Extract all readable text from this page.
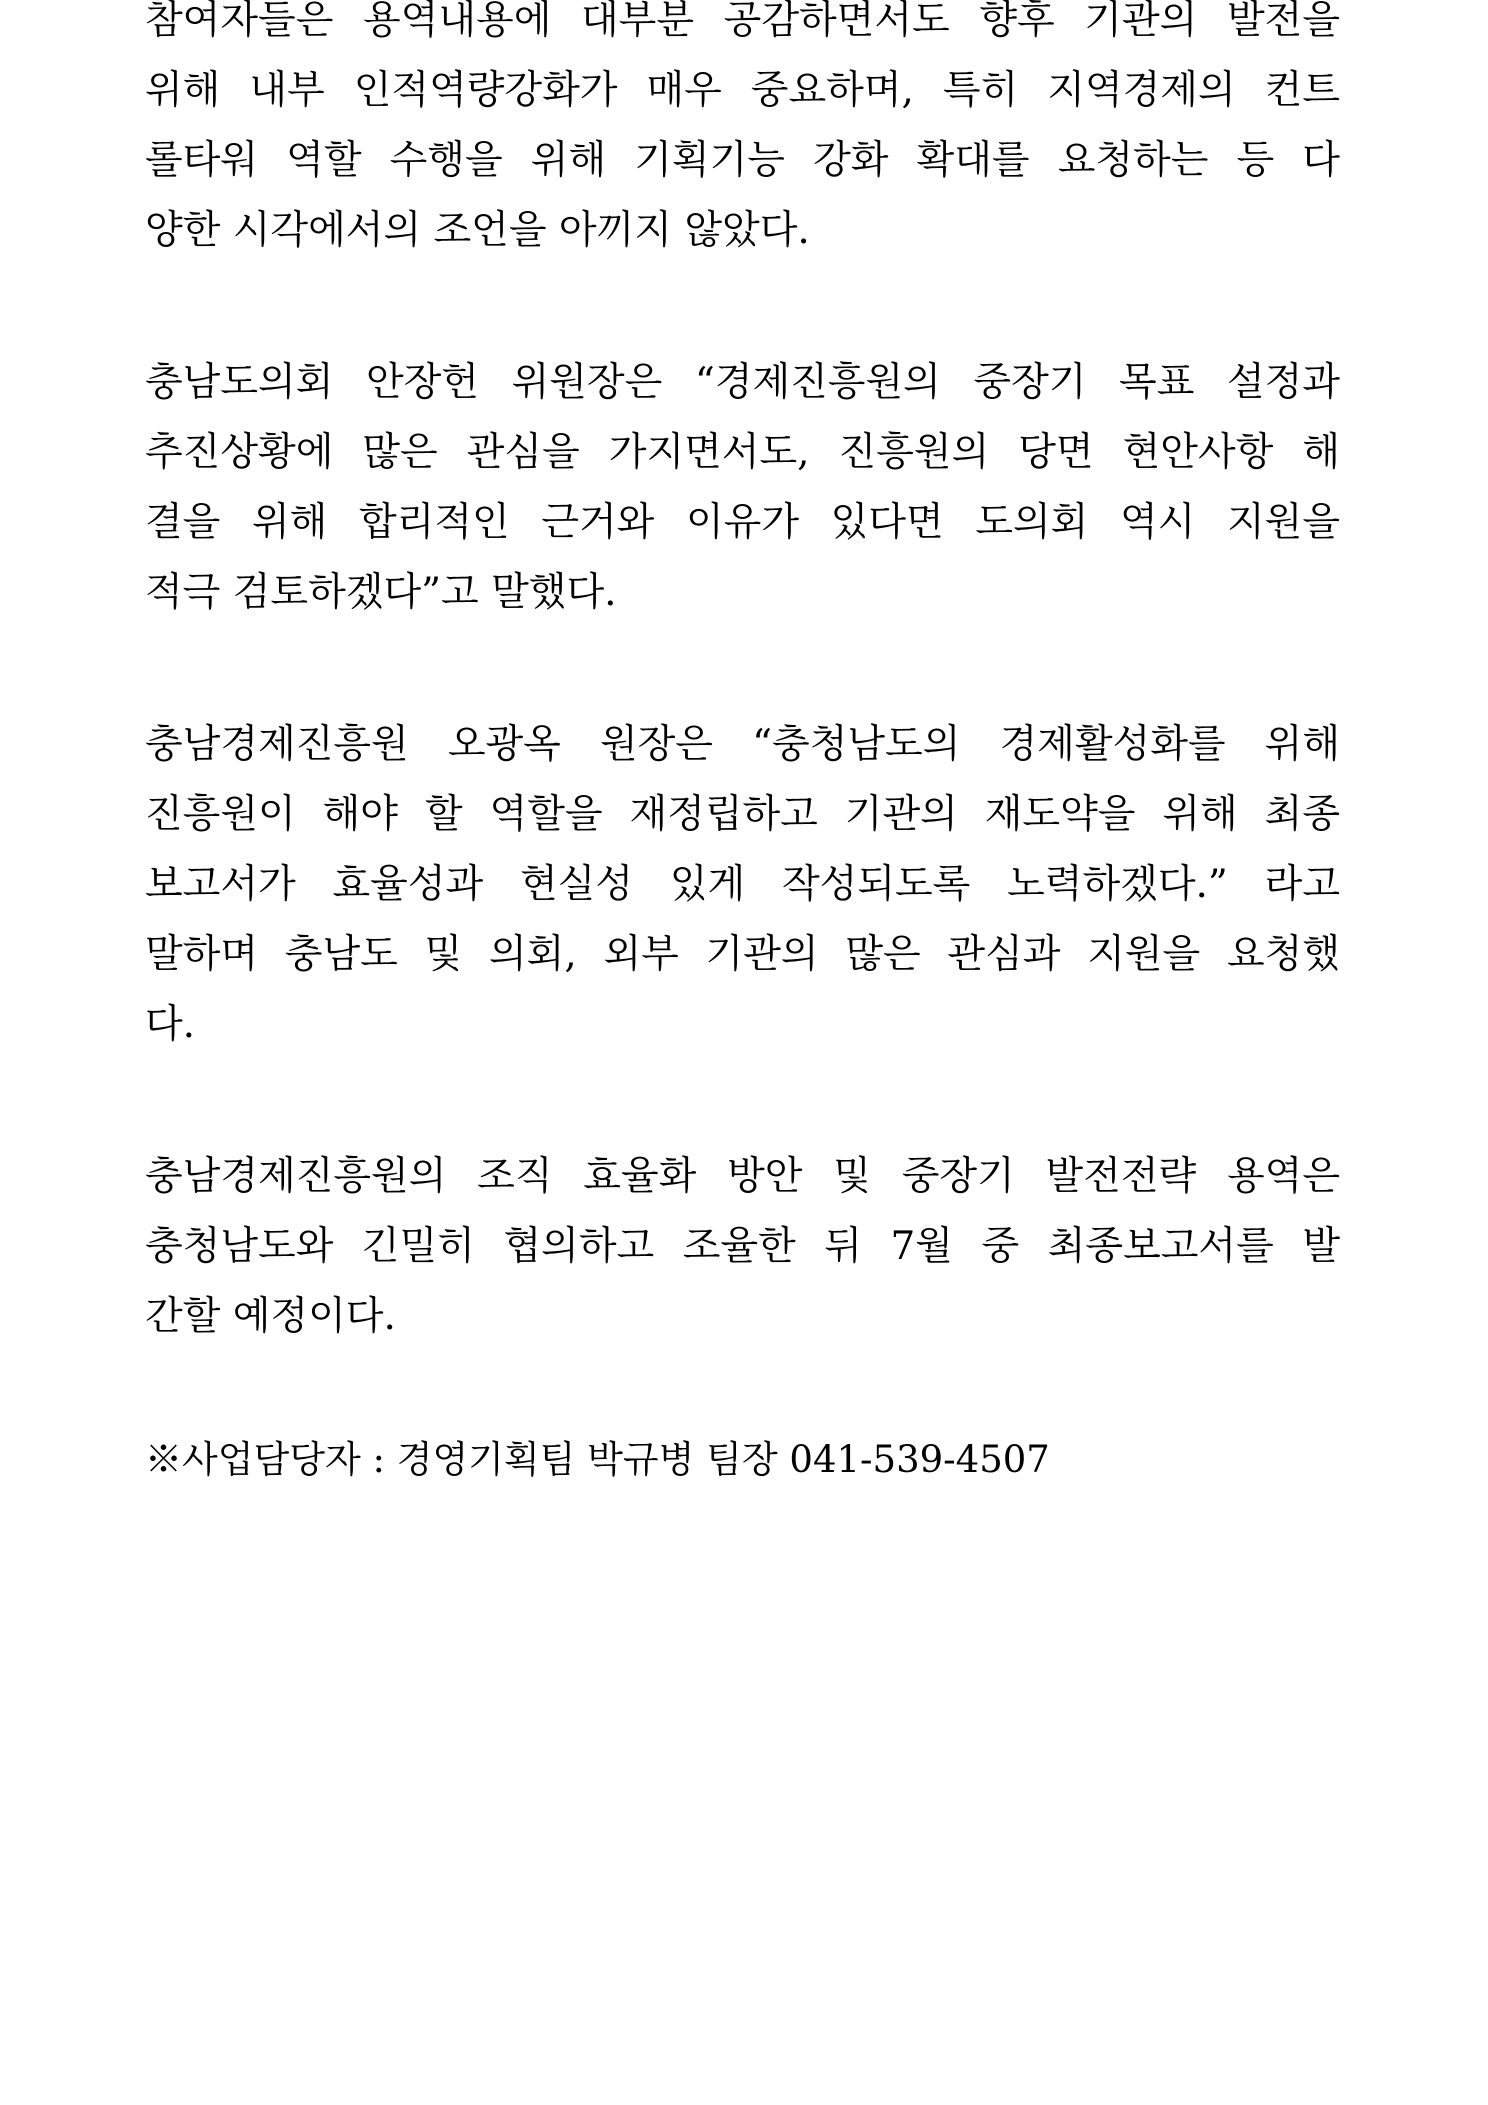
참여자들은 용역내용에 대부분 공감하면서도 향후 기관의 발전을
위해 내부 인적역량강화가 매우 중요하며, 특히 지역경제의 컨트
롤타워 역할 수행을 위해 기획기능 강화 확대를 요청하는 등 다
양한 시각에서의 조언을 아끼지 않았다.
충남도의회 안장헌 위원장은 “경제진흥원의 중장기 목표 설정과
추진상황에 많은 관심을 가지면서도, 진흥원의 당면 현안사항 해
결을 위해 합리적인 근거와 이유가 있다면 도의회 역시 지원을
적극 검토하겠다”고 말했다.
충남경제진흥원 오광옥 원장은 “충청남도의 경제활성화를 위해
진흥원이 해야 할 역할을 재정립하고 기관의 재도약을 위해 최종
보고서가 효율성과 현실성 있게 작성되도록 노력하겠다.” 라고
말하며 충남도 및 의회, 외부 기관의 많은 관심과 지원을 요청했
다.
충남경제진흥원의 조직 효율화 방안 및 중장기 발전전략 용역은
충청남도와 긴밀히 협의하고 조율한 뒤 7월 중 최종보고서를 발
간할 예정이다.
※사업담당자 : 경영기획팀 박규병 팀장 041-539-4507
